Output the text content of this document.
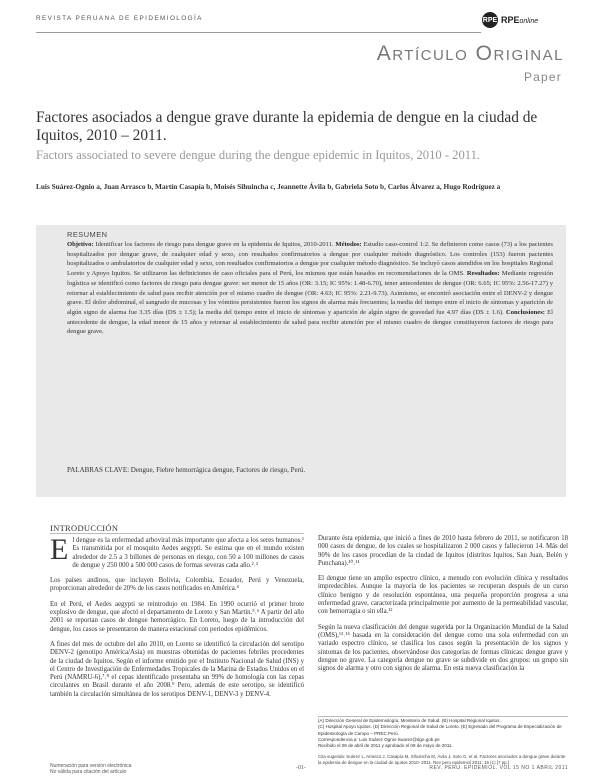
REVISTA PERUANA DE EPIDEMIOLOGÍA	RPE RPEonline
Artículo Original
Paper
Factores asociados a dengue grave durante la epidemia de dengue en la ciudad de Iquitos, 2010 – 2011.
Factors associated to severe dengue during the dengue epidemic in Iquitos, 2010 - 2011.
Luis Suárez-Ognio a, Juan Arrasco b, Martín Casapía b, Moisés Sihuincha c, Jeannette Ávila b, Gabriela Soto b, Carlos Álvarez a, Hugo Rodríguez a
RESUMEN
Objetivo: Identificar los factores de riesgo para dengue grave en la epidemia de Iquitos, 2010-2011. Métodos: Estudio caso-control 1:2. Se definieron como casos (73) a los pacientes hospitalizados por dengue grave, de cualquier edad y sexo, con resultados confirmatorios a dengue por cualquier método diagnóstico. Los controles (153) fueron pacientes hospitalizados o ambulatorios de cualquier edad y sexo, con resultados confirmatorios a dengue por cualquier método diagnóstico. Se incluyó casos atendidos en los hospitales Regional Loreto y Apoyo Iquitos. Se utilizaron las definiciones de caso oficiales para el Perú, los mismos que están basados en recomendaciones de la OMS. Resultados: Mediante regresión logística se identificó como factores de riesgo para dengue grave: ser menor de 15 años (OR: 3.15; IC 95%: 1.48-6.70), tener antecedentes de dengue (OR: 6.65; IC 95%: 2.56-17.27) y retornar al establecimiento de salud para recibir atención por el mismo cuadro de dengue (OR: 4.63; IC 95%: 2.21-9.73). Asimismo, se encontró asociación entre el DENV-2 y dengue grave. El dolor abdominal, el sangrado de mucosas y los vómitos persistentes fueron los signos de alarma más frecuentes; la media del tiempo entre el inicio de síntomas y aparición de algún signo de alarma fue 3.35 días (DS ± 1.5); la media del tiempo entre el inicio de síntomas y aparición de algún signo de gravedad fue 4.97 días (DS ± 1.6). Conclusiones: El antecedente de dengue, la edad menor de 15 años y retornar al establecimiento de salud para recibir atención por el mismo cuadro de dengue constituyeron factores de riesgo para dengue grave.
PALABRAS CLAVE: Dengue, Fiebre hemorrágica dengue, Factores de riesgo, Perú.
INTRODUCCIÓN

El dengue es la enfermedad arboviral más importante que afecta a los seres humanos.¹ Es transmitida por el mosquito Aedes aegypti. Se estima que en el mundo existen alrededor de 2.5 a 3 billones de personas en riesgo, con 50 a 100 millones de casos de dengue y 250 000 a 500 000 casos de formas severas cada año.²˒³

Los países andinos, que incluyen Bolivia, Colombia, Ecuador, Perú y Venezuela, proporcionan alrededor de 20% de los casos notificados en América.⁴

En el Perú, el Aedes aegypti se reintrodujo en 1984. En 1990 ocurrió el primer brote explosivo de dengue, que afectó el departamento de Loreto y San Martín.⁵˒⁶ A partir del año 2001 se reportan casos de dengue hemorrágico. En Loreto, luego de la introducción del dengue, los casos se presentaron de manera estacional con periodos epidémicos.

A fines del mes de octubre del año 2010, en Loreto se identificó la circulación del serotipo DENV-2 (genotipo América/Asia) en muestras obtenidas de pacientes febriles procedentes de la ciudad de Iquitos. Según el informe emitido por el Instituto Nacional de Salud (INS) y el Centro de Investigación de Enfermedades Tropicales de la Marina de Estados Unidos en el Perú (NAMRU-6),⁷˒⁸ el cepas identificado presentaba un 99% de homología con las cepas circulantes en Brasil durante el año 2008.⁹ Pero, además de este serotipo, se identificó también la circulación simultánea de los serotipos DENV-1, DENV-3 y DENV-4.

Durante ésta epidemia, que inició a fines de 2010 hasta febrero de 2011, se notificaron 18 000 casos de dengue, de los cuales se hospitalizaron 2 000 casos y fallecieron 14. Más del 90% de los casos procedían de la ciudad de Iquitos (distritos Iquitos, San Juan, Belén y Punchana).¹⁰˒¹¹

El dengue tiene un amplio espectro clínico, a menudo con evolución clínica y resultados impredecibles. Aunque la mayoría de los pacientes se recuperan después de un curso clínico benigno y de resolución espontánea, una pequeña proporción progresa a una enfermedad grave, caracterizada principalmente por aumento de la permeabilidad vascular, con hemorragia o sin ella.¹²

Según la nueva clasificación del dengue sugerida por la Organización Mundial de la Salud (OMS),¹³˒¹⁴ basada en la consideración del dengue como una sola enfermedad con un variado espectro clínico, se clasifica los casos según la presentación de los signos y síntomas de los pacientes, observándose dos categorías de formas clínicas: dengue grave y dengue no grave. La categoría dengue no grave se subdivide en dos grupos: un grupo sin signos de alarma y otro con signos de alarma. En esta nueva clasificación la

(A) Dirección General de Epidemiología, Ministerio de Salud. (B) Hospital Regional Iquitos.
(C) Hospital Apoyo Iquitos. (D) Dirección Regional de Salud de Loreto. (E) Egresado del Programa de Especialización de Epidemiología de Campo – PREC Perú.
Correspondencia a: Luis Suárez Ognio lsuarez@dge.gob.pe
Recibido el 08 de abril de 2011 y aprobado el 08 de mayo de 2011.
Cita sugerida: Suárez L, Arrasco J, Casapía M, Sihuincha M, Ávila J, Soto G, et al. Factores asociados a dengue grave durante la epidemia de dengue en la ciudad de Iquitos 2010- 2011. Rev peru epidemiol 2011; 15 (1) [7 pp.]
Numeración para versión electrónica
No válida para citación del artículo
-01-	REV. PERU. EPIDEMIOL. VOL 15 NO 1 ABRIL 2011
